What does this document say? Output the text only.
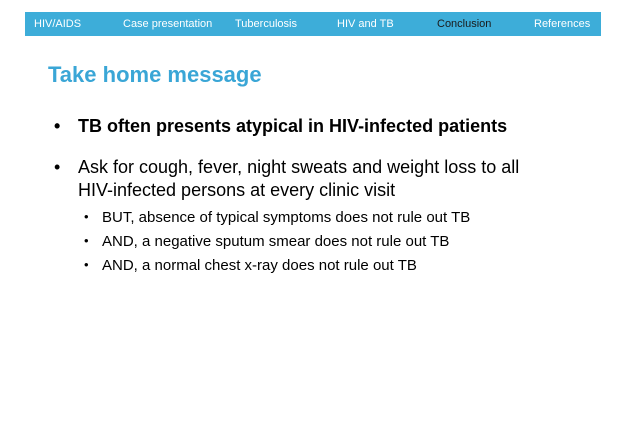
HIV/AIDS	Case presentation Tuberculosis	HIV and TB	Conclusion	References
Take home message
• TB often presents atypical in HIV-infected patients
• Ask for cough, fever, night sweats and weight loss to all
HIV-infected persons at every clinic visit
• BUT, absence of typical symptoms does not rule out TB
• AND, a negative sputum smear does not rule out TB
• AND, a normal chest x-ray does not rule out TB
